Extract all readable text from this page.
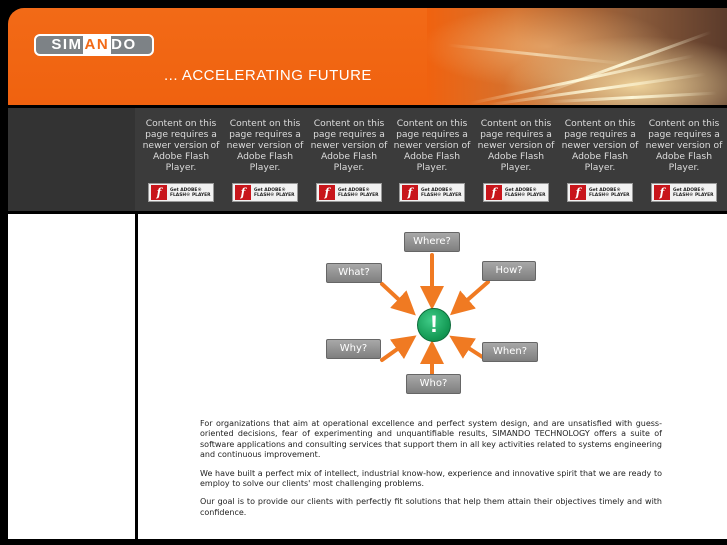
SIM AN DO
... ACCELERATING FUTURE
Content on this page requires a newer version of Adobe Flash Player.
f	Get ADOBE®
FLASH® PLAYER
Content on this page requires a newer version of Adobe Flash Player.
f	Get ADOBE®
FLASH® PLAYER
Content on this page requires a newer version of Adobe Flash Player.
f	Get ADOBE®
FLASH® PLAYER
Content on this page requires a newer version of Adobe Flash Player.
f	Get ADOBE®
FLASH® PLAYER
Content on this page requires a newer version of Adobe Flash Player.
f	Get ADOBE®
FLASH® PLAYER
Content on this page requires a newer version of Adobe Flash Player.
f	Get ADOBE®
FLASH® PLAYER
Content on this page requires a newer version of Adobe Flash Player.
f	Get ADOBE®
FLASH® PLAYER
Where?
How?
What?
Why?	When?
Who?
!

For organizations that aim at operational excellence and perfect system design, and are unsatisfied with guess-oriented decisions, fear of experimenting and unquantifiable results, SIMANDO TECHNOLOGY offers a suite of software applications and consulting services that support them in all key activities related to systems engineering and continuous improvement.

We have built a perfect mix of intellect, industrial know-how, experience and innovative spirit that we are ready to employ to solve our clients' most challenging problems.

Our goal is to provide our clients with perfectly fit solutions that help them attain their objectives timely and with confidence.
